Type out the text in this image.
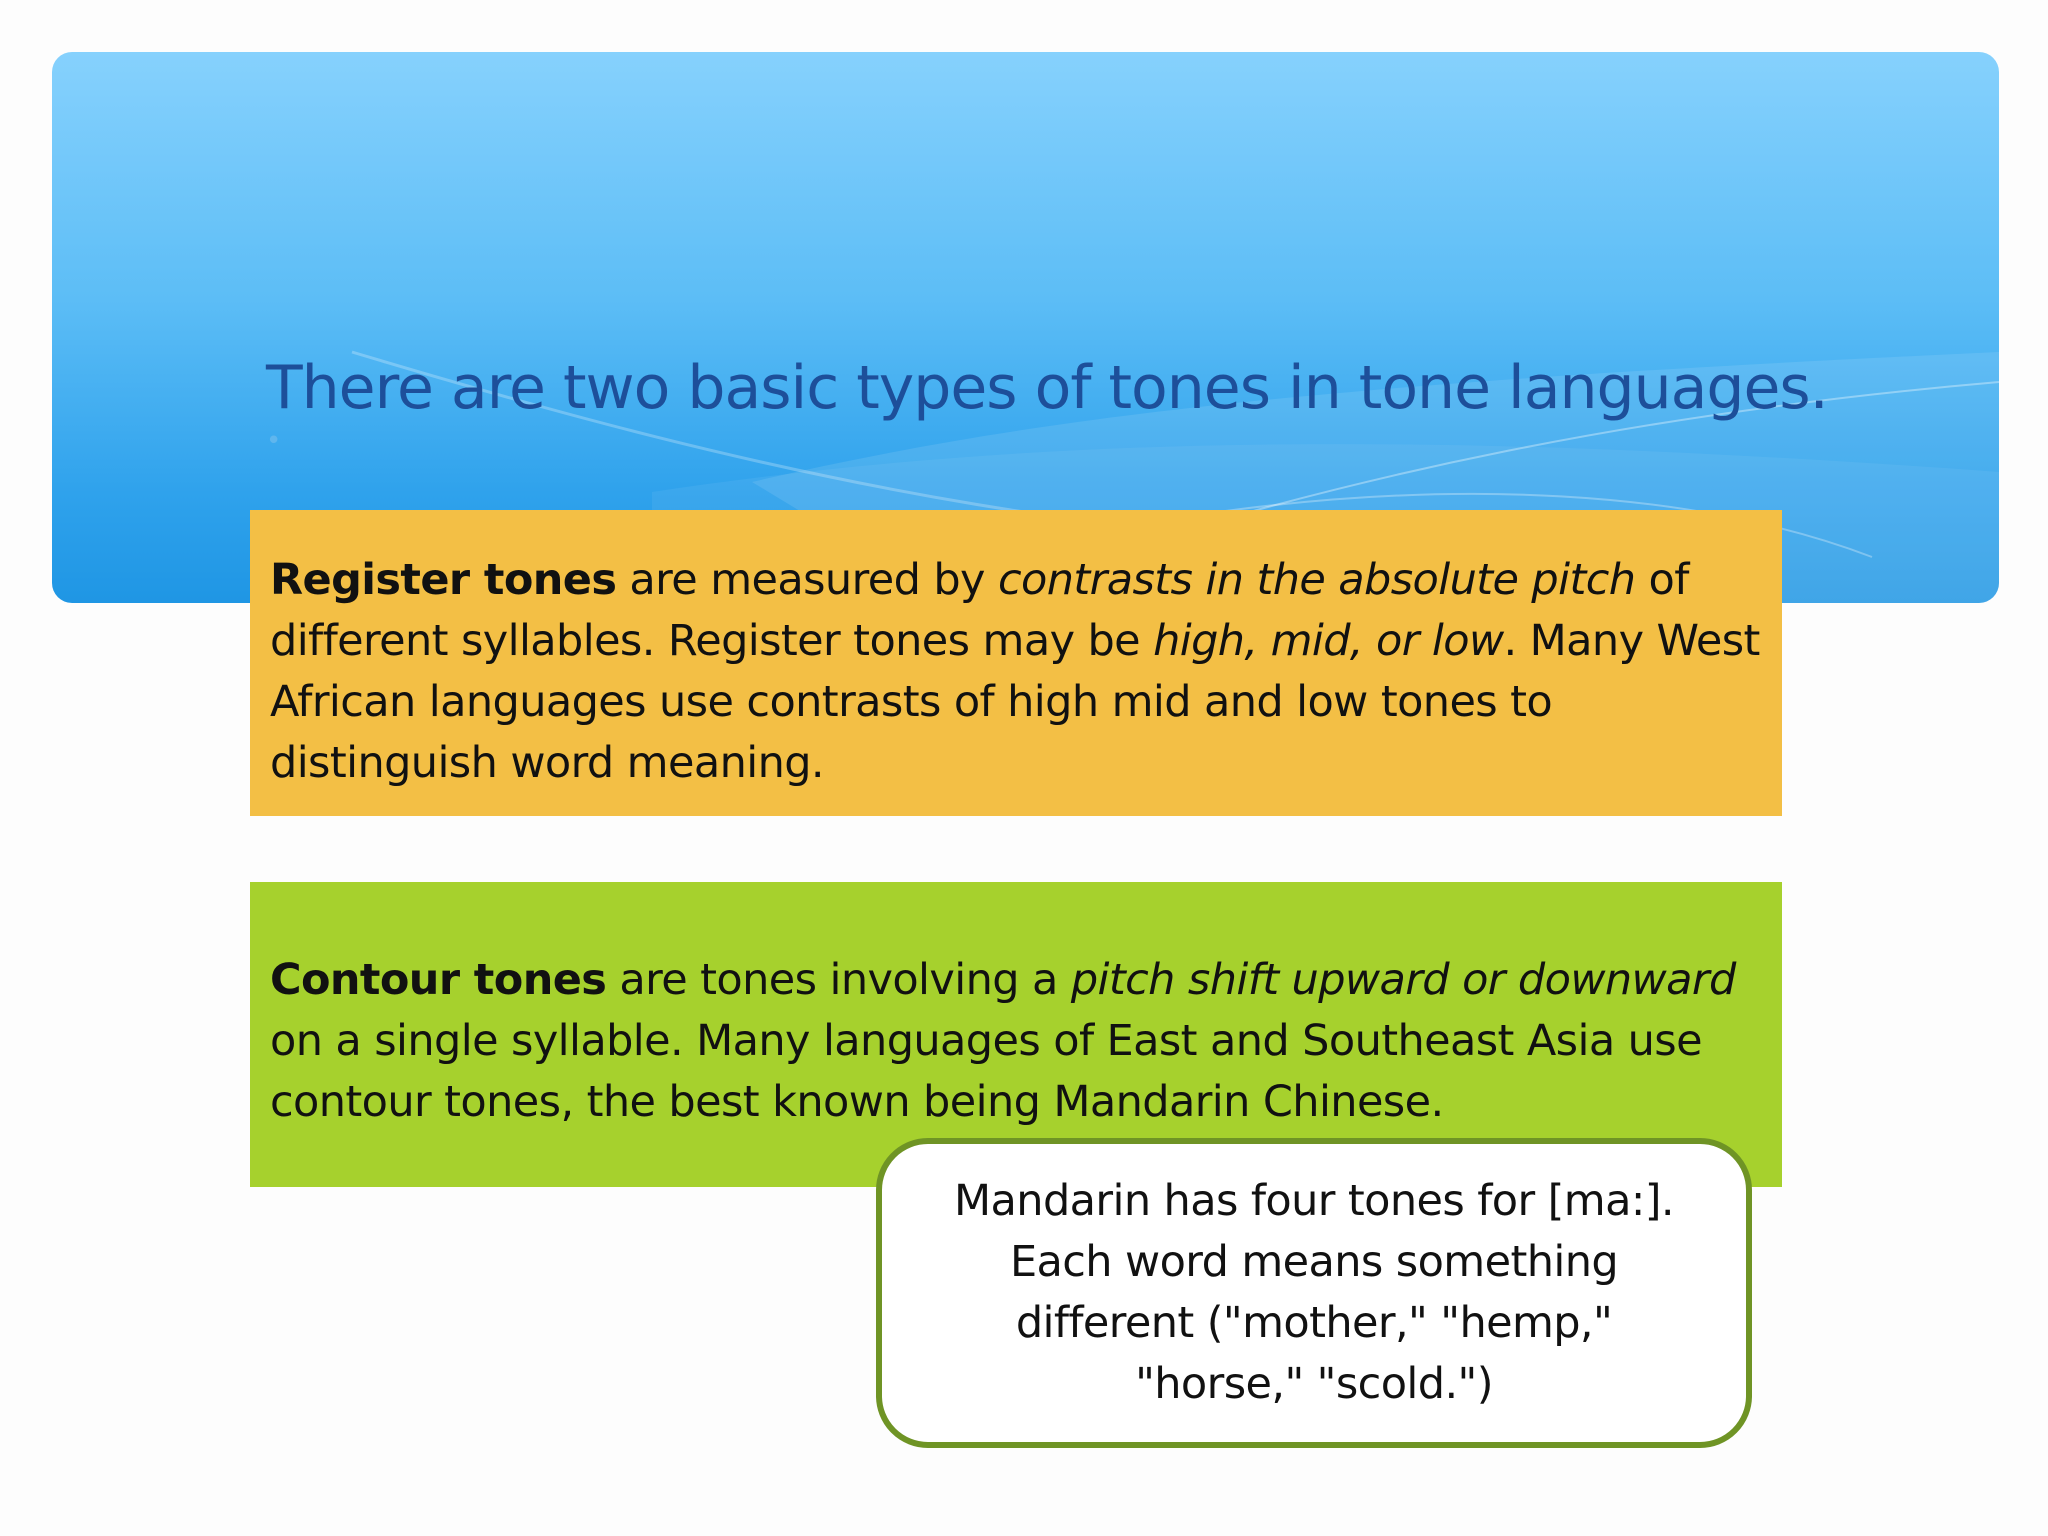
•
There are two basic types of tones in tone languages.
Register tones are measured by contrasts in the absolute pitch of different syllables. Register tones may be high, mid, or low. Many West African languages use contrasts of high mid and low tones to distinguish word meaning.
Contour tones are tones involving a pitch shift upward or downward on a single syllable. Many languages of East and Southeast Asia use contour tones, the best known being Mandarin Chinese.
Mandarin has four tones for [ma:].
Each word means something
different ("mother," "hemp,"
"horse," "scold.")
